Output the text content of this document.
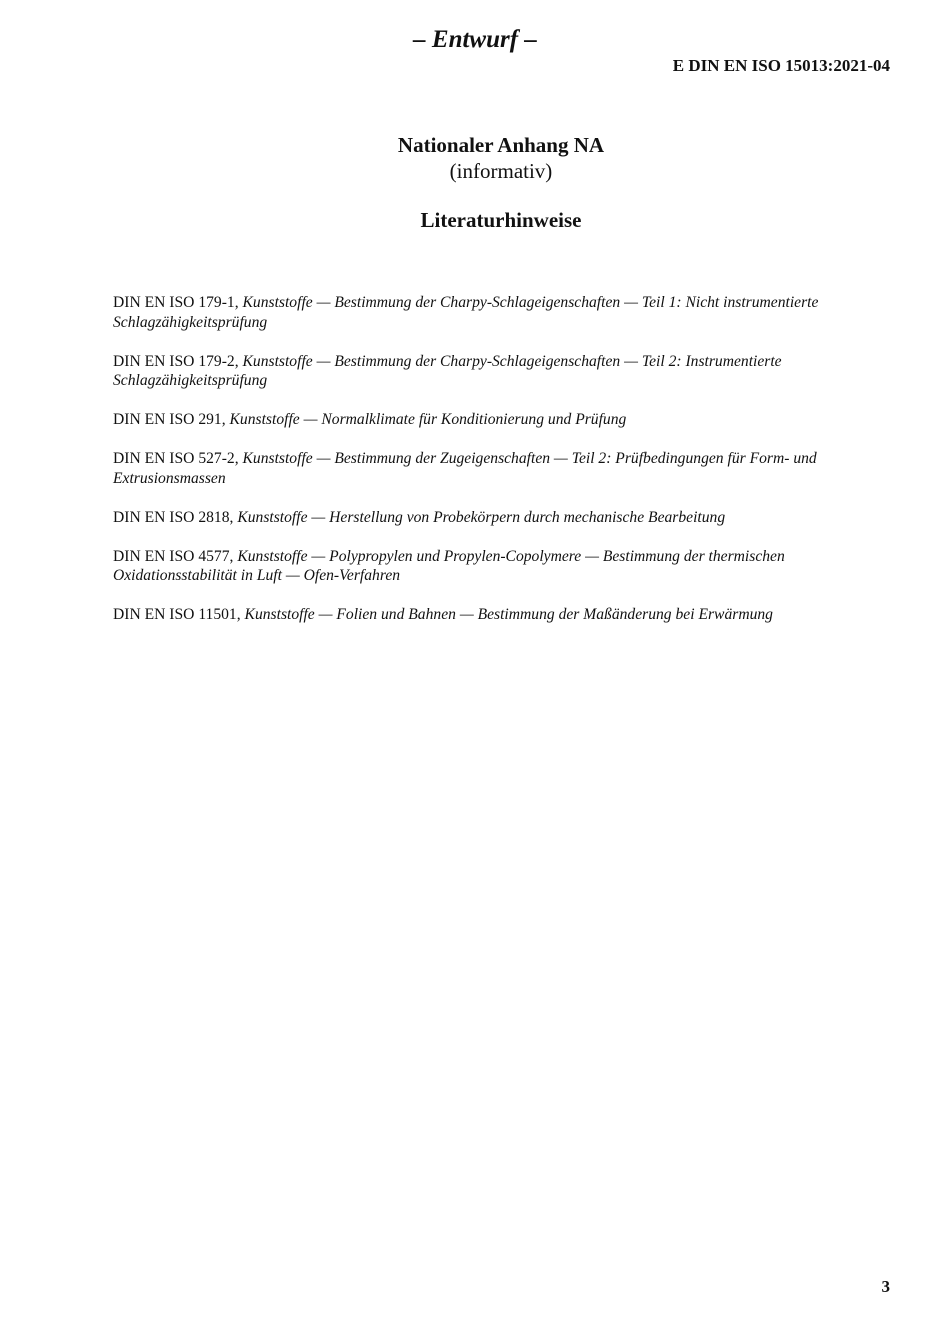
– Entwurf –
E DIN EN ISO 15013:2021-04
Nationaler Anhang NA
(informativ)
Literaturhinweise
DIN EN ISO 179-1, Kunststoffe — Bestimmung der Charpy-Schlageigenschaften — Teil 1: Nicht instrumentierte Schlagzähigkeitsprüfung
DIN EN ISO 179-2, Kunststoffe — Bestimmung der Charpy-Schlageigenschaften — Teil 2: Instrumentierte Schlagzähigkeitsprüfung
DIN EN ISO 291, Kunststoffe — Normalklimate für Konditionierung und Prüfung
DIN EN ISO 527-2, Kunststoffe — Bestimmung der Zugeigenschaften — Teil 2: Prüfbedingungen für Form- und Extrusionsmassen
DIN EN ISO 2818, Kunststoffe — Herstellung von Probekörpern durch mechanische Bearbeitung
DIN EN ISO 4577, Kunststoffe — Polypropylen und Propylen-Copolymere — Bestimmung der thermischen Oxidationsstabilität in Luft — Ofen-Verfahren
DIN EN ISO 11501, Kunststoffe — Folien und Bahnen — Bestimmung der Maßänderung bei Erwärmung
3
